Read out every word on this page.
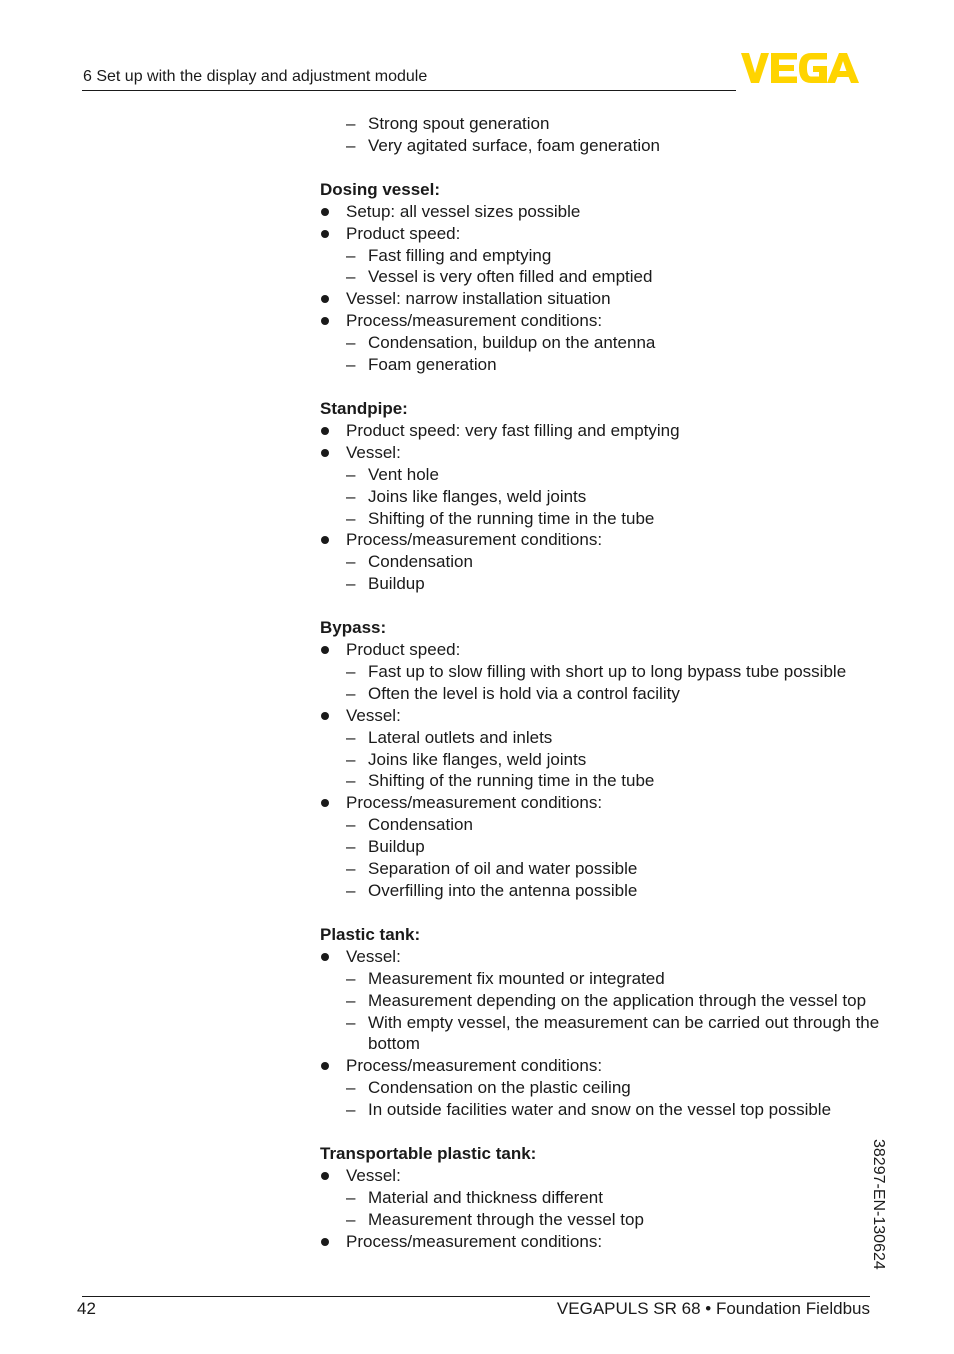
6 Set up with the display and adjustment module
– Strong spout generation
– Very agitated surface, foam generation
Dosing vessel:
Setup: all vessel sizes possible
Product speed:
– Fast filling and emptying
– Vessel is very often filled and emptied
Vessel: narrow installation situation
Process/measurement conditions:
– Condensation, buildup on the antenna
– Foam generation
Standpipe:
Product speed: very fast filling and emptying
Vessel:
– Vent hole
– Joins like flanges, weld joints
– Shifting of the running time in the tube
Process/measurement conditions:
– Condensation
– Buildup
Bypass:
Product speed:
– Fast up to slow filling with short up to long bypass tube possible
– Often the level is hold via a control facility
Vessel:
– Lateral outlets and inlets
– Joins like flanges, weld joints
– Shifting of the running time in the tube
Process/measurement conditions:
– Condensation
– Buildup
– Separation of oil and water possible
– Overfilling into the antenna possible
Plastic tank:
Vessel:
– Measurement fix mounted or integrated
– Measurement depending on the application through the vessel top
– With empty vessel, the measurement can be carried out through the bottom
Process/measurement conditions:
– Condensation on the plastic ceiling
– In outside facilities water and snow on the vessel top possible
Transportable plastic tank:
Vessel:
– Material and thickness different
– Measurement through the vessel top
Process/measurement conditions:	38297-EN-130624
42	VEGAPULS SR 68 • Foundation Fieldbus
